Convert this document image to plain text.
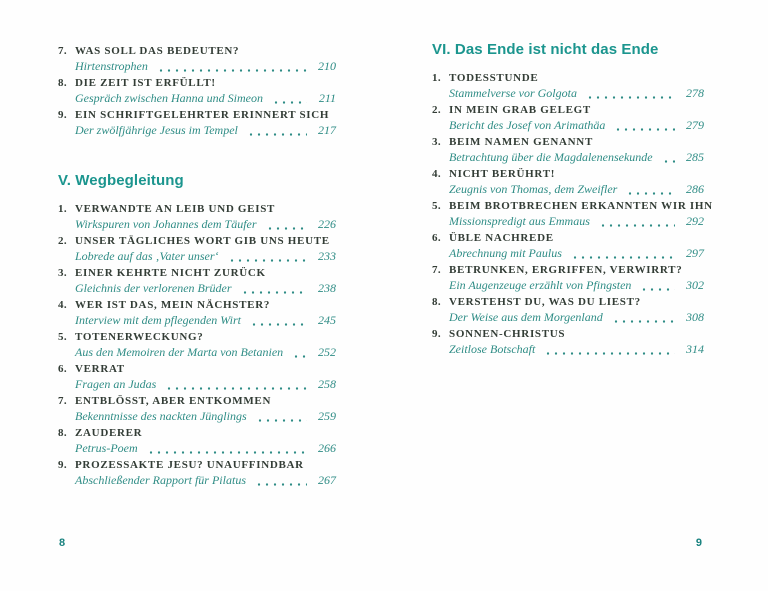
7. WAS SOLL DAS BEDEUTEN?
Hirtenstrophen	210
8. DIE ZEIT IST ERFÜLLT!
Gespräch zwischen Hanna und Simeon	211
9. EIN SCHRIFTGELEHRTER ERINNERT SICH
Der zwölfjährige Jesus im Tempel	217
V. Wegbegleitung
1. VERWANDTE AN LEIB UND GEIST
Wirkspuren von Johannes dem Täufer	226
2. UNSER TÄGLICHES WORT GIB UNS HEUTE
Lobrede auf das ‚Vater unser‘	233
3. EINER KEHRTE NICHT ZURÜCK
Gleichnis der verlorenen Brüder	238
4. WER IST DAS, MEIN NÄCHSTER?
Interview mit dem pflegenden Wirt	245
5. TOTENERWECKUNG?
Aus den Memoiren der Marta von Betanien	252
6. VERRAT
Fragen an Judas	258
7. ENTBLÖSST, ABER ENTKOMMEN
Bekenntnisse des nackten Jünglings	259
8. ZAUDERER
Petrus-Poem	266
9. PROZESSAKTE JESU? UNAUFFINDBAR
Abschließender Rapport für Pilatus	267
VI. Das Ende ist nicht das Ende
1. TODESSTUNDE
Stammelverse vor Golgota	278
2. IN MEIN GRAB GELEGT
Bericht des Josef von Arimathäa	279
3. BEIM NAMEN GENANNT
Betrachtung über die Magdalenensekunde	285
4. NICHT BERÜHRT!
Zeugnis von Thomas, dem Zweifler	286
5. BEIM BROTBRECHEN ERKANNTEN WIR IHN
Missionspredigt aus Emmaus	292
6. ÜBLE NACHREDE
Abrechnung mit Paulus	297
7. BETRUNKEN, ERGRIFFEN, VERWIRRT?
Ein Augenzeuge erzählt von Pfingsten	302
8. VERSTEHST DU, WAS DU LIEST?
Der Weise aus dem Morgenland	308
9. SONNEN-CHRISTUS
Zeitlose Botschaft	314
8	9
